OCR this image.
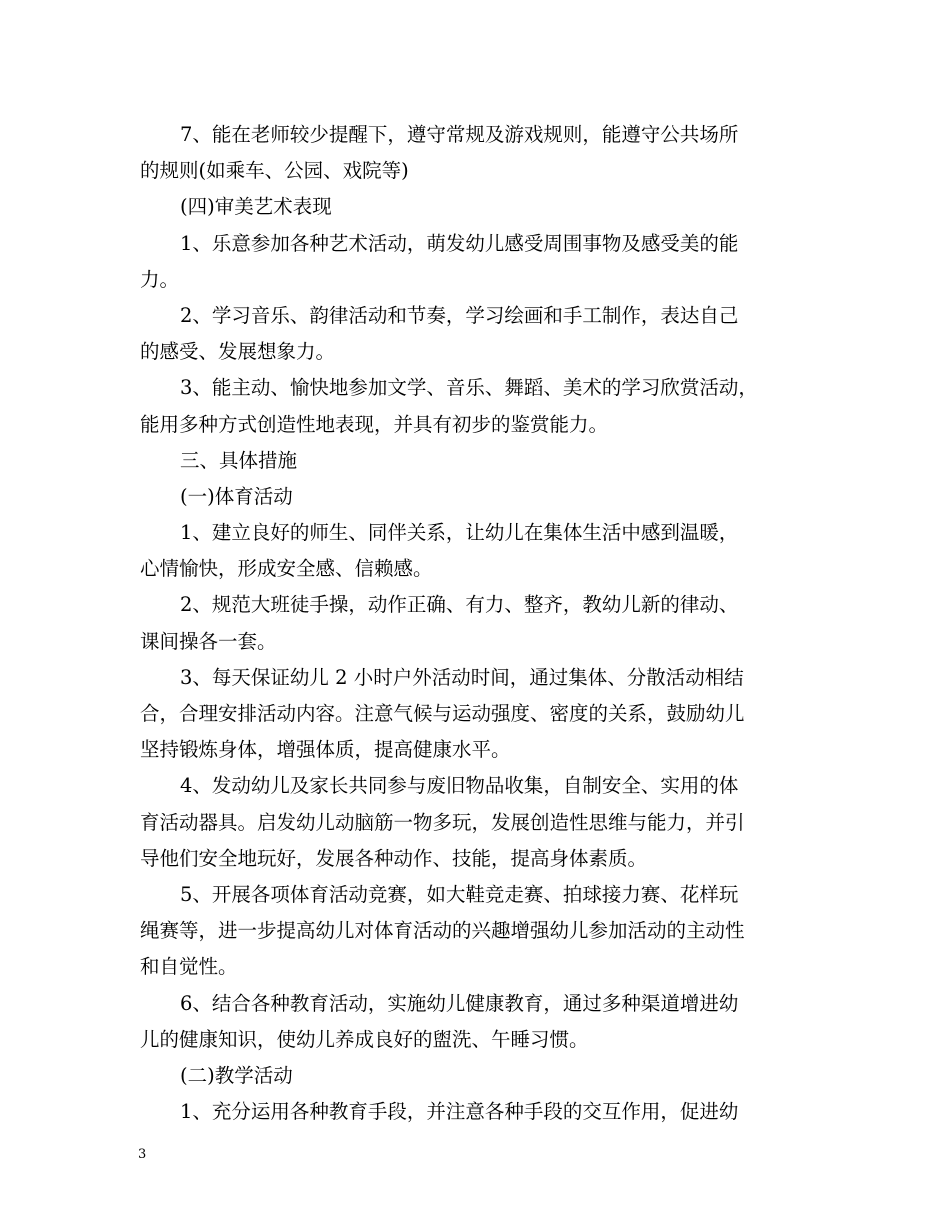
7、能在老师较少提醒下，遵守常规及游戏规则，能遵守公共场所
的规则(如乘车、公园、戏院等)
(四)审美艺术表现
1、乐意参加各种艺术活动，萌发幼儿感受周围事物及感受美的能
力。
2、学习音乐、韵律活动和节奏，学习绘画和手工制作，表达自己
的感受、发展想象力。
3、能主动、愉快地参加文学、音乐、舞蹈、美术的学习欣赏活动，
能用多种方式创造性地表现，并具有初步的鉴赏能力。
三、具体措施
(一)体育活动
1、建立良好的师生、同伴关系，让幼儿在集体生活中感到温暖，
心情愉快，形成安全感、信赖感。
2、规范大班徒手操，动作正确、有力、整齐，教幼儿新的律动、
课间操各一套。
3、每天保证幼儿 2 小时户外活动时间，通过集体、分散活动相结
合，合理安排活动内容。注意气候与运动强度、密度的关系，鼓励幼儿
坚持锻炼身体，增强体质，提高健康水平。
4、发动幼儿及家长共同参与废旧物品收集，自制安全、实用的体
育活动器具。启发幼儿动脑筋一物多玩，发展创造性思维与能力，并引
导他们安全地玩好，发展各种动作、技能，提高身体素质。
5、开展各项体育活动竞赛，如大鞋竞走赛、拍球接力赛、花样玩
绳赛等，进一步提高幼儿对体育活动的兴趣增强幼儿参加活动的主动性
和自觉性。
6、结合各种教育活动，实施幼儿健康教育，通过多种渠道增进幼
儿的健康知识，使幼儿养成良好的盥洗、午睡习惯。
(二)教学活动
1、充分运用各种教育手段，并注意各种手段的交互作用，促进幼
3
